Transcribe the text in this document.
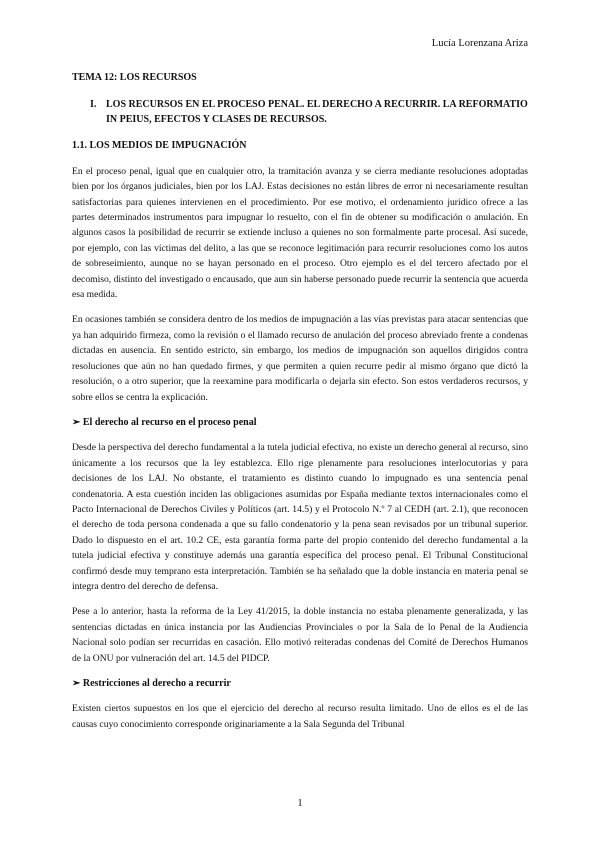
Lucía Lorenzana Ariza
TEMA 12: LOS RECURSOS
I. LOS RECURSOS EN EL PROCESO PENAL. EL DERECHO A RECURRIR. LA REFORMATIO IN PEIUS, EFECTOS Y CLASES DE RECURSOS.
1.1. LOS MEDIOS DE IMPUGNACIÓN

En el proceso penal, igual que en cualquier otro, la tramitación avanza y se cierra mediante resoluciones adoptadas bien por los órganos judiciales, bien por los LAJ. Estas decisiones no están libres de error ni necesariamente resultan satisfactorias para quienes intervienen en el procedimiento. Por ese motivo, el ordenamiento jurídico ofrece a las partes determinados instrumentos para impugnar lo resuelto, con el fin de obtener su modificación o anulación. En algunos casos la posibilidad de recurrir se extiende incluso a quienes no son formalmente parte procesal. Así sucede, por ejemplo, con las víctimas del delito, a las que se reconoce legitimación para recurrir resoluciones como los autos de sobreseimiento, aunque no se hayan personado en el proceso. Otro ejemplo es el del tercero afectado por el decomiso, distinto del investigado o encausado, que aun sin haberse personado puede recurrir la sentencia que acuerda esa medida.

En ocasiones también se considera dentro de los medios de impugnación a las vías previstas para atacar sentencias que ya han adquirido firmeza, como la revisión o el llamado recurso de anulación del proceso abreviado frente a condenas dictadas en ausencia. En sentido estricto, sin embargo, los medios de impugnación son aquellos dirigidos contra resoluciones que aún no han quedado firmes, y que permiten a quien recurre pedir al mismo órgano que dictó la resolución, o a otro superior, que la reexamine para modificarla o dejarla sin efecto. Son estos verdaderos recursos, y sobre ellos se centra la explicación.

➢ El derecho al recurso en el proceso penal

Desde la perspectiva del derecho fundamental a la tutela judicial efectiva, no existe un derecho general al recurso, sino únicamente a los recursos que la ley establezca. Ello rige plenamente para resoluciones interlocutorias y para decisiones de los LAJ. No obstante, el tratamiento es distinto cuando lo impugnado es una sentencia penal condenatoria. A esta cuestión inciden las obligaciones asumidas por España mediante textos internacionales como el Pacto Internacional de Derechos Civiles y Políticos (art. 14.5) y el Protocolo N.º 7 al CEDH (art. 2.1), que reconocen el derecho de toda persona condenada a que su fallo condenatorio y la pena sean revisados por un tribunal superior. Dado lo dispuesto en el art. 10.2 CE, esta garantía forma parte del propio contenido del derecho fundamental a la tutela judicial efectiva y constituye además una garantía específica del proceso penal. El Tribunal Constitucional confirmó desde muy temprano esta interpretación. También se ha señalado que la doble instancia en materia penal se integra dentro del derecho de defensa.

Pese a lo anterior, hasta la reforma de la Ley 41/2015, la doble instancia no estaba plenamente generalizada, y las sentencias dictadas en única instancia por las Audiencias Provinciales o por la Sala de lo Penal de la Audiencia Nacional solo podían ser recurridas en casación. Ello motivó reiteradas condenas del Comité de Derechos Humanos de la ONU por vulneración del art. 14.5 del PIDCP.

➢ Restricciones al derecho a recurrir

Existen ciertos supuestos en los que el ejercicio del derecho al recurso resulta limitado. Uno de ellos es el de las causas cuyo conocimiento corresponde originariamente a la Sala Segunda del Tribunal

1
